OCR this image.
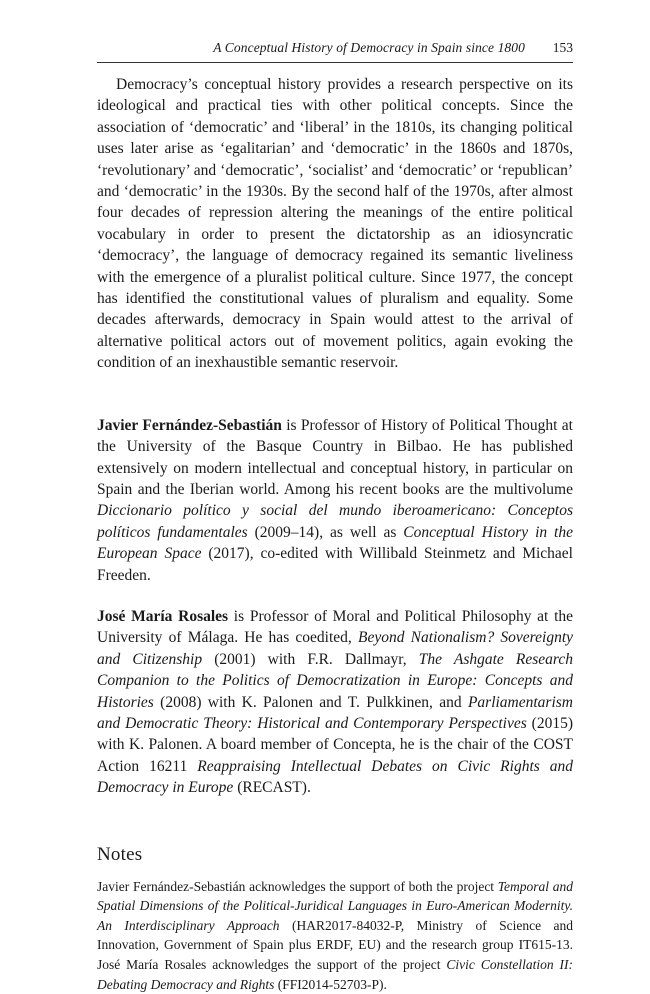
A Conceptual History of Democracy in Spain since 1800 153

Democracy’s conceptual history provides a research perspective on its ideological and practical ties with other political concepts. Since the association of ‘democratic’ and ‘liberal’ in the 1810s, its changing political uses later arise as ‘egalitarian’ and ‘democratic’ in the 1860s and 1870s, ‘revolutionary’ and ‘democratic’, ‘socialist’ and ‘democratic’ or ‘republican’ and ‘democratic’ in the 1930s. By the second half of the 1970s, after almost four decades of repression altering the meanings of the entire political vocabulary in order to present the dictatorship as an idiosyncratic ‘democracy’, the language of democracy regained its semantic liveliness with the emergence of a pluralist political culture. Since 1977, the concept has identified the constitutional values of pluralism and equality. Some decades afterwards, democracy in Spain would attest to the arrival of alternative political actors out of movement politics, again evoking the condition of an inexhaustible semantic reservoir.

Javier Fernández-Sebastián is Professor of History of Political Thought at the University of the Basque Country in Bilbao. He has published extensively on modern intellectual and conceptual history, in particular on Spain and the Iberian world. Among his recent books are the multivolume Diccionario político y social del mundo iberoamericano: Conceptos políticos fundamentales (2009–14), as well as Conceptual History in the European Space (2017), co-edited with Willibald Steinmetz and Michael Freeden.

José María Rosales is Professor of Moral and Political Philosophy at the University of Málaga. He has coedited, Beyond Nationalism? Sovereignty and Citizenship (2001) with F.R. Dallmayr, The Ashgate Research Companion to the Politics of Democratization in Europe: Concepts and Histories (2008) with K. Palonen and T. Pulkkinen, and Parliamentarism and Democratic Theory: Historical and Contemporary Perspectives (2015) with K. Palonen. A board member of Concepta, he is the chair of the COST Action 16211 Reappraising Intellectual Debates on Civic Rights and Democracy in Europe (RECAST).

Notes

Javier Fernández-Sebastián acknowledges the support of both the project Temporal and Spatial Dimensions of the Political-Juridical Languages in Euro-American Modernity. An Interdisciplinary Approach (HAR2017-84032-P, Ministry of Science and Innovation, Government of Spain plus ERDF, EU) and the research group IT615-13. José María Rosales acknowledges the support of the project Civic Constellation II: Debating Democracy and Rights (FFI2014-52703-P).
